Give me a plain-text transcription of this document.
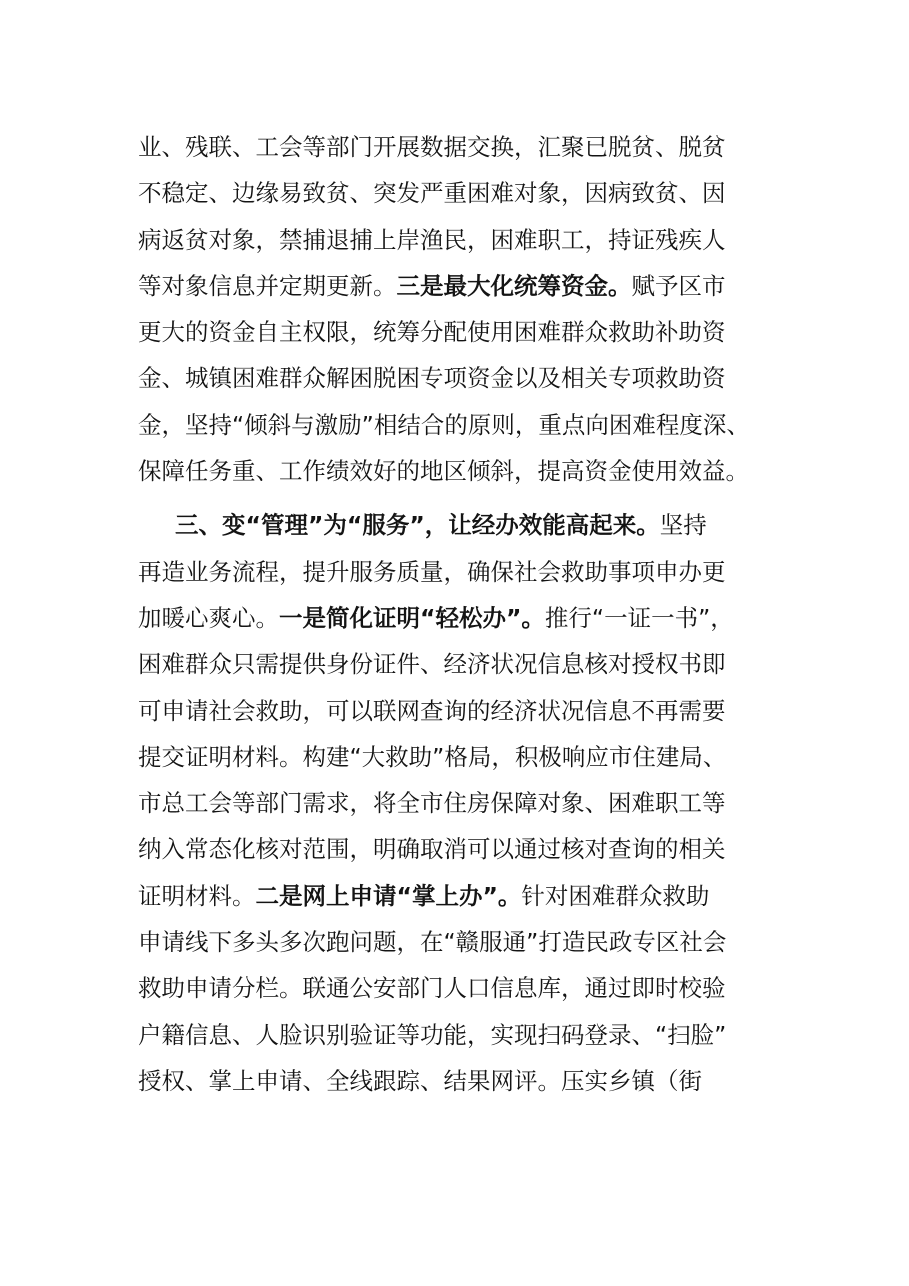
业、残联、工会等部门开展数据交换，汇聚已脱贫、脱贫
不稳定、边缘易致贫、突发严重困难对象，因病致贫、因
病返贫对象，禁捕退捕上岸渔民，困难职工，持证残疾人
等对象信息并定期更新。三是最大化统筹资金。赋予区市
更大的资金自主权限，统筹分配使用困难群众救助补助资
金、城镇困难群众解困脱困专项资金以及相关专项救助资
金，坚持“倾斜与激励”相结合的原则，重点向困难程度深、
保障任务重、工作绩效好的地区倾斜，提高资金使用效益。
三、变“管理”为“服务”，让经办效能高起来。坚持
再造业务流程，提升服务质量，确保社会救助事项申办更
加暖心爽心。一是简化证明“轻松办”。推行“一证一书”，
困难群众只需提供身份证件、经济状况信息核对授权书即
可申请社会救助，可以联网查询的经济状况信息不再需要
提交证明材料。构建“大救助”格局，积极响应市住建局、
市总工会等部门需求，将全市住房保障对象、困难职工等
纳入常态化核对范围，明确取消可以通过核对查询的相关
证明材料。二是网上申请“掌上办”。针对困难群众救助
申请线下多头多次跑问题，在“赣服通”打造民政专区社会
救助申请分栏。联通公安部门人口信息库，通过即时校验
户籍信息、人脸识别验证等功能，实现扫码登录、“扫脸”
授权、掌上申请、全线跟踪、结果网评。压实乡镇（街
